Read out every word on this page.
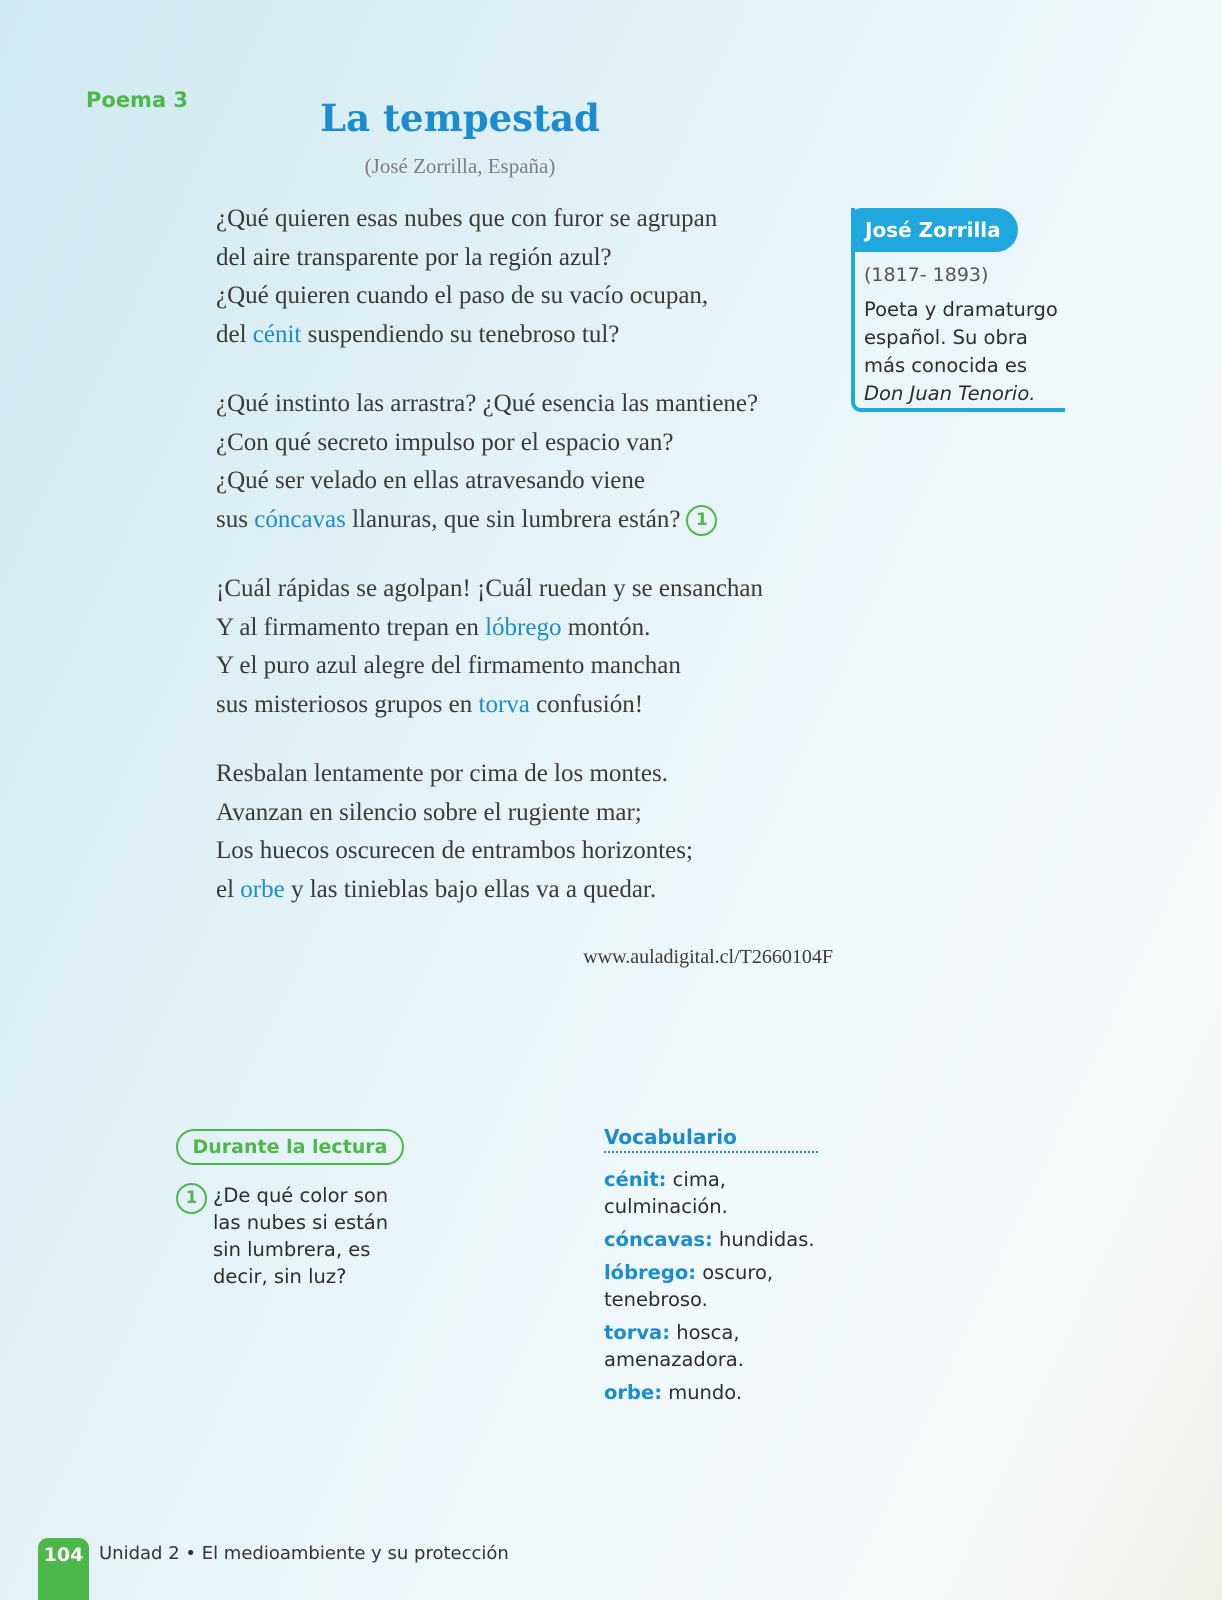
Poema 3	La tempestad
(José Zorrilla, España)
¿Qué quieren esas nubes que con furor se agrupan
del aire transparente por la región azul?
¿Qué quieren cuando el paso de su vacío ocupan,
del cénit suspendiendo su tenebroso tul?
¿Qué instinto las arrastra? ¿Qué esencia las mantiene?
¿Con qué secreto impulso por el espacio van?
¿Qué ser velado en ellas atravesando viene
sus cóncavas llanuras, que sin lumbrera están? 1
¡Cuál rápidas se agolpan! ¡Cuál ruedan y se ensanchan
Y al firmamento trepan en lóbrego montón.
Y el puro azul alegre del firmamento manchan
sus misteriosos grupos en torva confusión!
Resbalan lentamente por cima de los montes.
Avanzan en silencio sobre el rugiente mar;
Los huecos oscurecen de entrambos horizontes;
el orbe y las tinieblas bajo ellas va a quedar.
www.auladigital.cl/T2660104F
José Zorrilla
(1817- 1893)
Poeta y dramaturgo español. Su obra más conocida es Don Juan Tenorio.
Durante la lectura
1 ¿De qué color son las nubes si están sin lumbrera, es decir, sin luz?
Vocabulario
cénit: cima, culminación.
cóncavas: hundidas.
lóbrego: oscuro, tenebroso.
torva: hosca, amenazadora.
orbe: mundo.
104 Unidad 2 • El medioambiente y su protección
